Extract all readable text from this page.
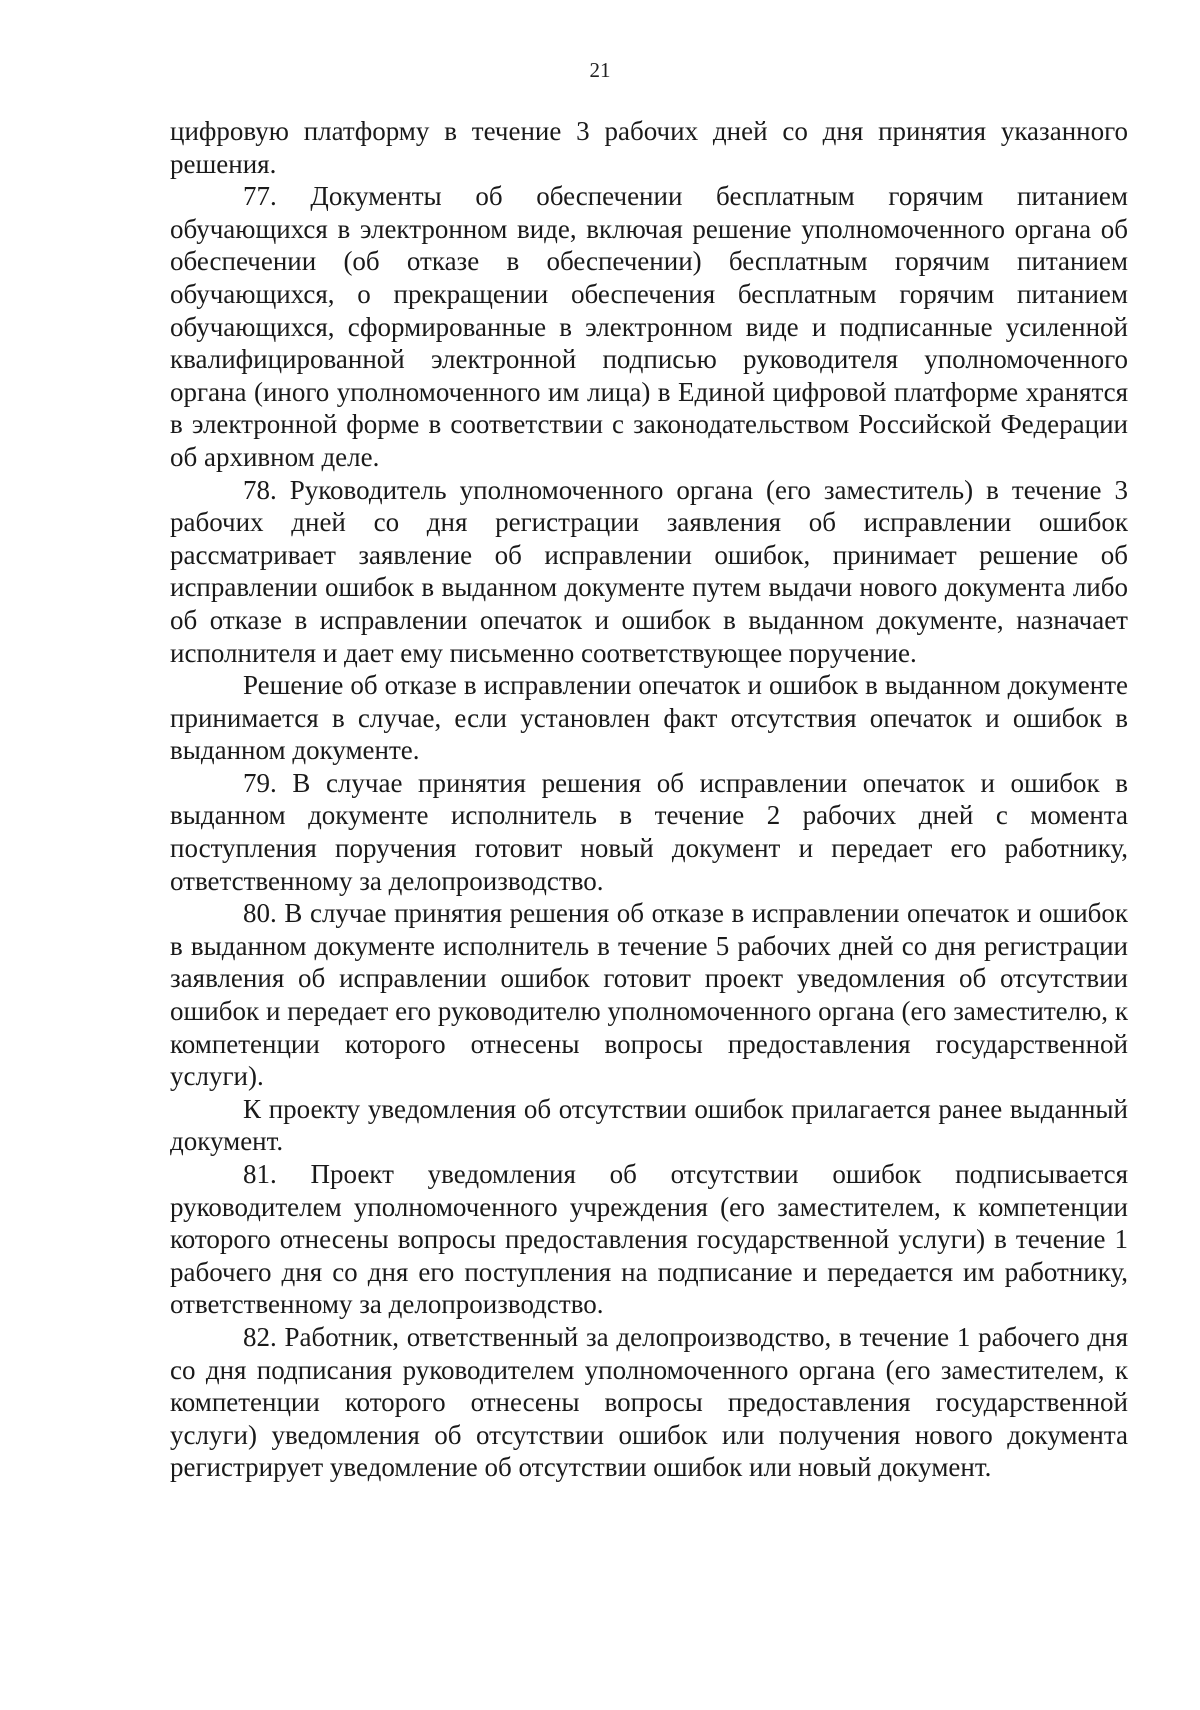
21

цифровую платформу в течение 3 рабочих дней со дня принятия указанного решения.

77. Документы об обеспечении бесплатным горячим питанием обучающихся в электронном виде, включая решение уполномоченного органа об обеспечении (об отказе в обеспечении) бесплатным горячим питанием обучающихся, о прекращении обеспечения бесплатным горячим питанием обучающихся, сформированные в электронном виде и подписанные усиленной квалифицированной электронной подписью руководителя уполномоченного органа (иного уполномоченного им лица) в Единой цифровой платформе хранятся в электронной форме в соответствии с законодательством Российской Федерации об архивном деле.

78. Руководитель уполномоченного органа (его заместитель) в течение 3 рабочих дней со дня регистрации заявления об исправлении ошибок рассматривает заявление об исправлении ошибок, принимает решение об исправлении ошибок в выданном документе путем выдачи нового документа либо об отказе в исправлении опечаток и ошибок в выданном документе, назначает исполнителя и дает ему письменно соответствующее поручение.

Решение об отказе в исправлении опечаток и ошибок в выданном документе принимается в случае, если установлен факт отсутствия опечаток и ошибок в выданном документе.

79. В случае принятия решения об исправлении опечаток и ошибок в выданном документе исполнитель в течение 2 рабочих дней с момента поступления поручения готовит новый документ и передает его работнику, ответственному за делопроизводство.

80. В случае принятия решения об отказе в исправлении опечаток и ошибок в выданном документе исполнитель в течение 5 рабочих дней со дня регистрации заявления об исправлении ошибок готовит проект уведомления об отсутствии ошибок и передает его руководителю уполномоченного органа (его заместителю, к компетенции которого отнесены вопросы предоставления государственной услуги).

К проекту уведомления об отсутствии ошибок прилагается ранее выданный документ.

81. Проект уведомления об отсутствии ошибок подписывается руководителем уполномоченного учреждения (его заместителем, к компетенции которого отнесены вопросы предоставления государственной услуги) в течение 1 рабочего дня со дня его поступления на подписание и передается им работнику, ответственному за делопроизводство.

82. Работник, ответственный за делопроизводство, в течение 1 рабочего дня со дня подписания руководителем уполномоченного органа (его заместителем, к компетенции которого отнесены вопросы предоставления государственной услуги) уведомления об отсутствии ошибок или получения нового документа регистрирует уведомление об отсутствии ошибок или новый документ.
